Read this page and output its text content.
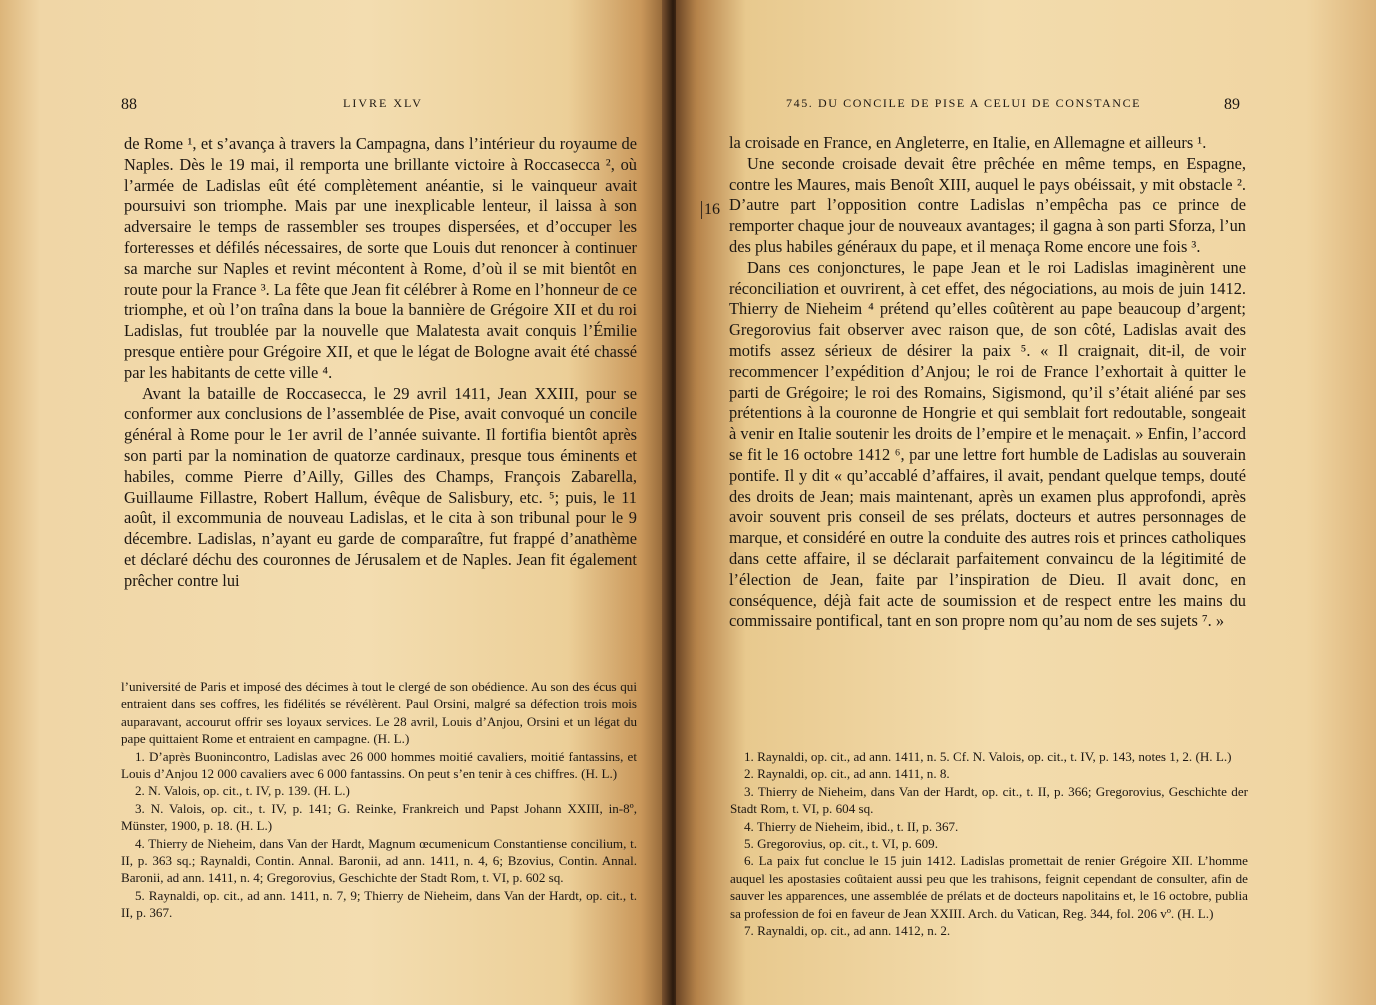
88	LIVRE XLV

de Rome ¹, et s’avança à travers la Campagna, dans l’intérieur du royaume de Naples. Dès le 19 mai, il remporta une brillante victoire à Roccasecca ², où l’armée de Ladislas eût été complètement anéantie, si le vainqueur avait poursuivi son triomphe. Mais par une inexplicable lenteur, il laissa à son adversaire le temps de rassembler ses troupes dispersées, et d’occuper les forteresses et défilés nécessaires, de sorte que Louis dut renoncer à continuer sa marche sur Naples et revint mécontent à Rome, d’où il se mit bientôt en route pour la France ³. La fête que Jean fit célébrer à Rome en l’honneur de ce triomphe, et où l’on traîna dans la boue la bannière de Grégoire XII et du roi Ladislas, fut troublée par la nouvelle que Malatesta avait conquis l’Émilie presque entière pour Grégoire XII, et que le légat de Bologne avait été chassé par les habitants de cette ville ⁴.

Avant la bataille de Roccasecca, le 29 avril 1411, Jean XXIII, pour se conformer aux conclusions de l’assemblée de Pise, avait convoqué un concile général à Rome pour le 1er avril de l’année suivante. Il fortifia bientôt après son parti par la nomination de quatorze cardinaux, presque tous éminents et habiles, comme Pierre d’Ailly, Gilles des Champs, François Zabarella, Guillaume Fillastre, Robert Hallum, évêque de Salisbury, etc. ⁵; puis, le 11 août, il excommunia de nouveau Ladislas, et le cita à son tribunal pour le 9 décembre. Ladislas, n’ayant eu garde de comparaître, fut frappé d’anathème et déclaré déchu des couronnes de Jérusalem et de Naples. Jean fit également prêcher contre lui

l’université de Paris et imposé des décimes à tout le clergé de son obédience. Au son des écus qui entraient dans ses coffres, les fidélités se révélèrent. Paul Orsini, malgré sa défection trois mois auparavant, accourut offrir ses loyaux services. Le 28 avril, Louis d’Anjou, Orsini et un légat du pape quittaient Rome et entraient en campagne. (H. L.)

1. D’après Buonincontro, Ladislas avec 26 000 hommes moitié cavaliers, moitié fantassins, et Louis d’Anjou 12 000 cavaliers avec 6 000 fantassins. On peut s’en tenir à ces chiffres. (H. L.)

2. N. Valois, op. cit., t. IV, p. 139. (H. L.)

3. N. Valois, op. cit., t. IV, p. 141; G. Reinke, Frankreich und Papst Johann XXIII, in-8º, Münster, 1900, p. 18. (H. L.)

4. Thierry de Nieheim, dans Van der Hardt, Magnum œcumenicum Constantiense concilium, t. II, p. 363 sq.; Raynaldi, Contin. Annal. Baronii, ad ann. 1411, n. 4, 6; Bzovius, Contin. Annal. Baronii, ad ann. 1411, n. 4; Gregorovius, Geschichte der Stadt Rom, t. VI, p. 602 sq.

5. Raynaldi, op. cit., ad ann. 1411, n. 7, 9; Thierry de Nieheim, dans Van der Hardt, op. cit., t. II, p. 367.

745. DU CONCILE DE PISE A CELUI DE CONSTANCE	89
16

la croisade en France, en Angleterre, en Italie, en Allemagne et ailleurs ¹.

Une seconde croisade devait être prêchée en même temps, en Espagne, contre les Maures, mais Benoît XIII, auquel le pays obéissait, y mit obstacle ². D’autre part l’opposition contre Ladislas n’empêcha pas ce prince de remporter chaque jour de nouveaux avantages; il gagna à son parti Sforza, l’un des plus habiles généraux du pape, et il menaça Rome encore une fois ³.

Dans ces conjonctures, le pape Jean et le roi Ladislas imaginèrent une réconciliation et ouvrirent, à cet effet, des négociations, au mois de juin 1412. Thierry de Nieheim ⁴ prétend qu’elles coûtèrent au pape beaucoup d’argent; Gregorovius fait observer avec raison que, de son côté, Ladislas avait des motifs assez sérieux de désirer la paix ⁵. « Il craignait, dit-il, de voir recommencer l’expédition d’Anjou; le roi de France l’exhortait à quitter le parti de Grégoire; le roi des Romains, Sigismond, qu’il s’était aliéné par ses prétentions à la couronne de Hongrie et qui semblait fort redoutable, songeait à venir en Italie soutenir les droits de l’empire et le menaçait. » Enfin, l’accord se fit le 16 octobre 1412 ⁶, par une lettre fort humble de Ladislas au souverain pontife. Il y dit « qu’accablé d’affaires, il avait, pendant quelque temps, douté des droits de Jean; mais maintenant, après un examen plus approfondi, après avoir souvent pris conseil de ses prélats, docteurs et autres personnages de marque, et considéré en outre la conduite des autres rois et princes catholiques dans cette affaire, il se déclarait parfaitement convaincu de la légitimité de l’élection de Jean, faite par l’inspiration de Dieu. Il avait donc, en conséquence, déjà fait acte de soumission et de respect entre les mains du commissaire pontifical, tant en son propre nom qu’au nom de ses sujets ⁷. »

1. Raynaldi, op. cit., ad ann. 1411, n. 5. Cf. N. Valois, op. cit., t. IV, p. 143, notes 1, 2. (H. L.)

2. Raynaldi, op. cit., ad ann. 1411, n. 8.

3. Thierry de Nieheim, dans Van der Hardt, op. cit., t. II, p. 366; Gregorovius, Geschichte der Stadt Rom, t. VI, p. 604 sq.

4. Thierry de Nieheim, ibid., t. II, p. 367.

5. Gregorovius, op. cit., t. VI, p. 609.

6. La paix fut conclue le 15 juin 1412. Ladislas promettait de renier Grégoire XII. L’homme auquel les apostasies coûtaient aussi peu que les trahisons, feignit cependant de consulter, afin de sauver les apparences, une assemblée de prélats et de docteurs napolitains et, le 16 octobre, publia sa profession de foi en faveur de Jean XXIII. Arch. du Vatican, Reg. 344, fol. 206 vº. (H. L.)

7. Raynaldi, op. cit., ad ann. 1412, n. 2.
